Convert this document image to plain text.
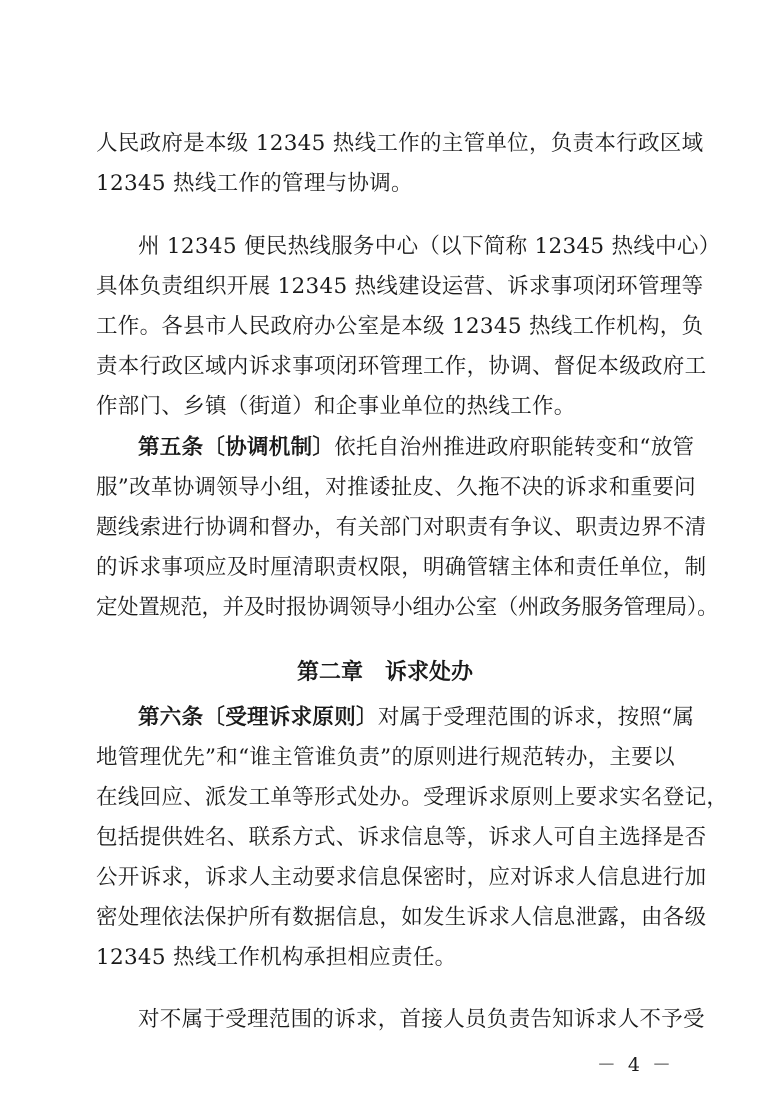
人民政府是本级 12345 热线工作的主管单位，负责本行政区域
12345 热线工作的管理与协调。
州 12345 便民热线服务中心（以下简称 12345 热线中心）
具体负责组织开展 12345 热线建设运营、诉求事项闭环管理等
工作。各县市人民政府办公室是本级 12345 热线工作机构，负
责本行政区域内诉求事项闭环管理工作，协调、督促本级政府工
作部门、乡镇（街道）和企事业单位的热线工作。
第五条〔协调机制〕依托自治州推进政府职能转变和“放管
服”改革协调领导小组，对推诿扯皮、久拖不决的诉求和重要问
题线索进行协调和督办，有关部门对职责有争议、职责边界不清
的诉求事项应及时厘清职责权限，明确管辖主体和责任单位，制
定处置规范，并及时报协调领导小组办公室（州政务服务管理局）。
第二章 诉求处办
第六条〔受理诉求原则〕对属于受理范围的诉求，按照“属
地管理优先”和“谁主管谁负责”的原则进行规范转办，主要以
在线回应、派发工单等形式处办。受理诉求原则上要求实名登记，
包括提供姓名、联系方式、诉求信息等，诉求人可自主选择是否
公开诉求，诉求人主动要求信息保密时，应对诉求人信息进行加
密处理依法保护所有数据信息，如发生诉求人信息泄露，由各级
12345 热线工作机构承担相应责任。
对不属于受理范围的诉求，首接人员负责告知诉求人不予受
－ 4 －
